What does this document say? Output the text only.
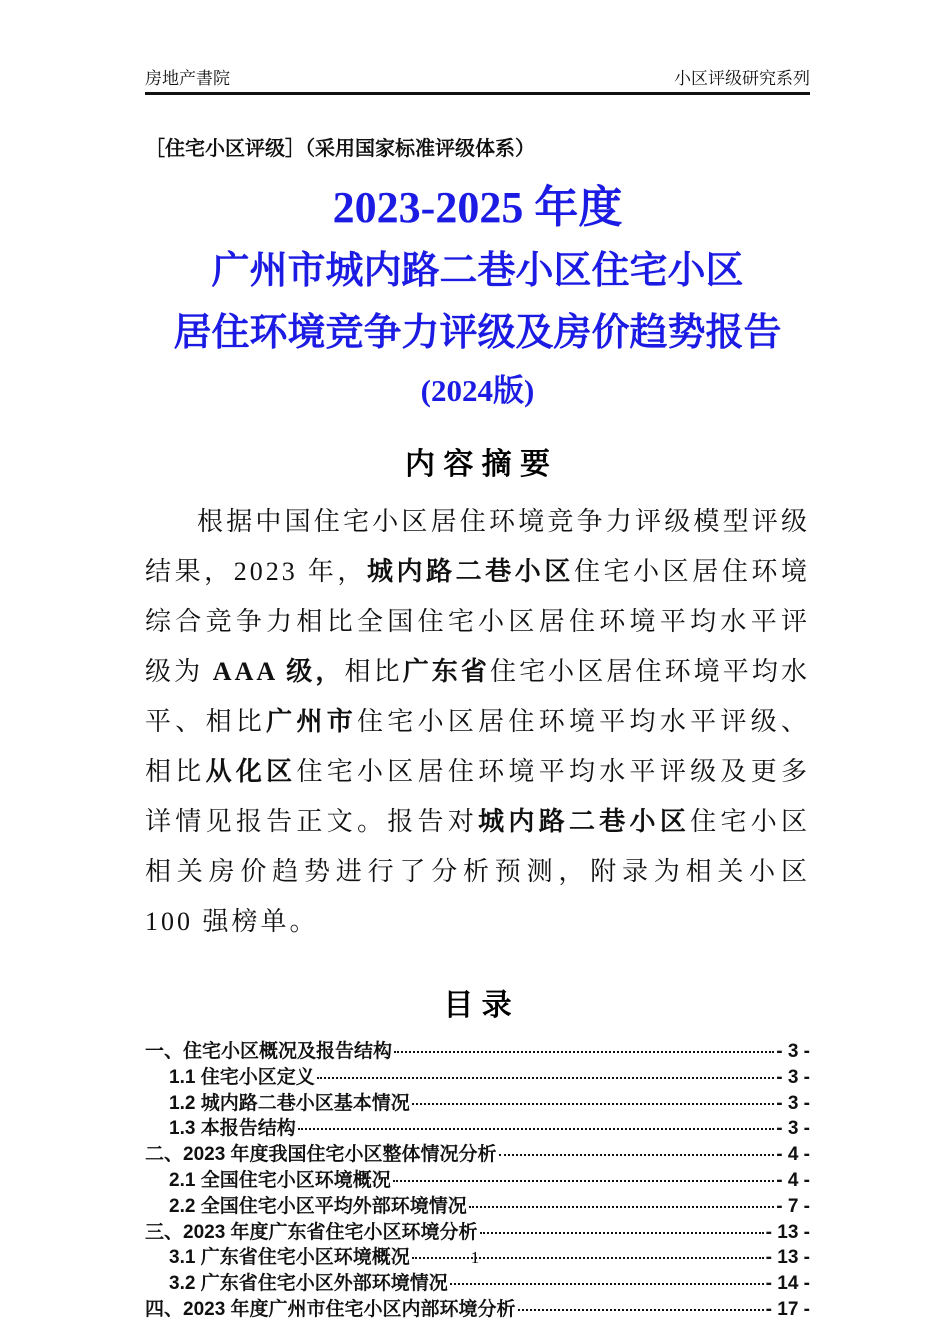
房地产書院	小区评级研究系列
［住宅小区评级］（采用国家标准评级体系）
2023-2025 年度
广州市城内路二巷小区住宅小区
居住环境竞争力评级及房价趋势报告
(2024版)
内 容 摘 要

根据中国住宅小区居住环境竞争力评级模型评级结果，2023 年，城内路二巷小区住宅小区居住环境综合竞争力相比全国住宅小区居住环境平均水平评级为 AAA 级，相比广东省住宅小区居住环境平均水平、相比广州市住宅小区居住环境平均水平评级、相比从化区住宅小区居住环境平均水平评级及更多详情见报告正文。报告对城内路二巷小区住宅小区相关房价趋势进行了分析预测，附录为相关小区 100 强榜单。

目 录
一、住宅小区概况及报告结构	- 3 -
1.1 住宅小区定义	- 3 -
1.2 城内路二巷小区基本情况	- 3 -
1.3 本报告结构	- 3 -
二、2023 年度我国住宅小区整体情况分析	- 4 -
2.1 全国住宅小区环境概况	- 4 -
2.2 全国住宅小区平均外部环境情况	- 7 -
三、2023 年度广东省住宅小区环境分析	- 13 -
3.1 广东省住宅小区环境概况	- 13 -
3.2 广东省住宅小区外部环境情况	- 14 -
四、2023 年度广州市住宅小区内部环境分析	- 17 -
1
